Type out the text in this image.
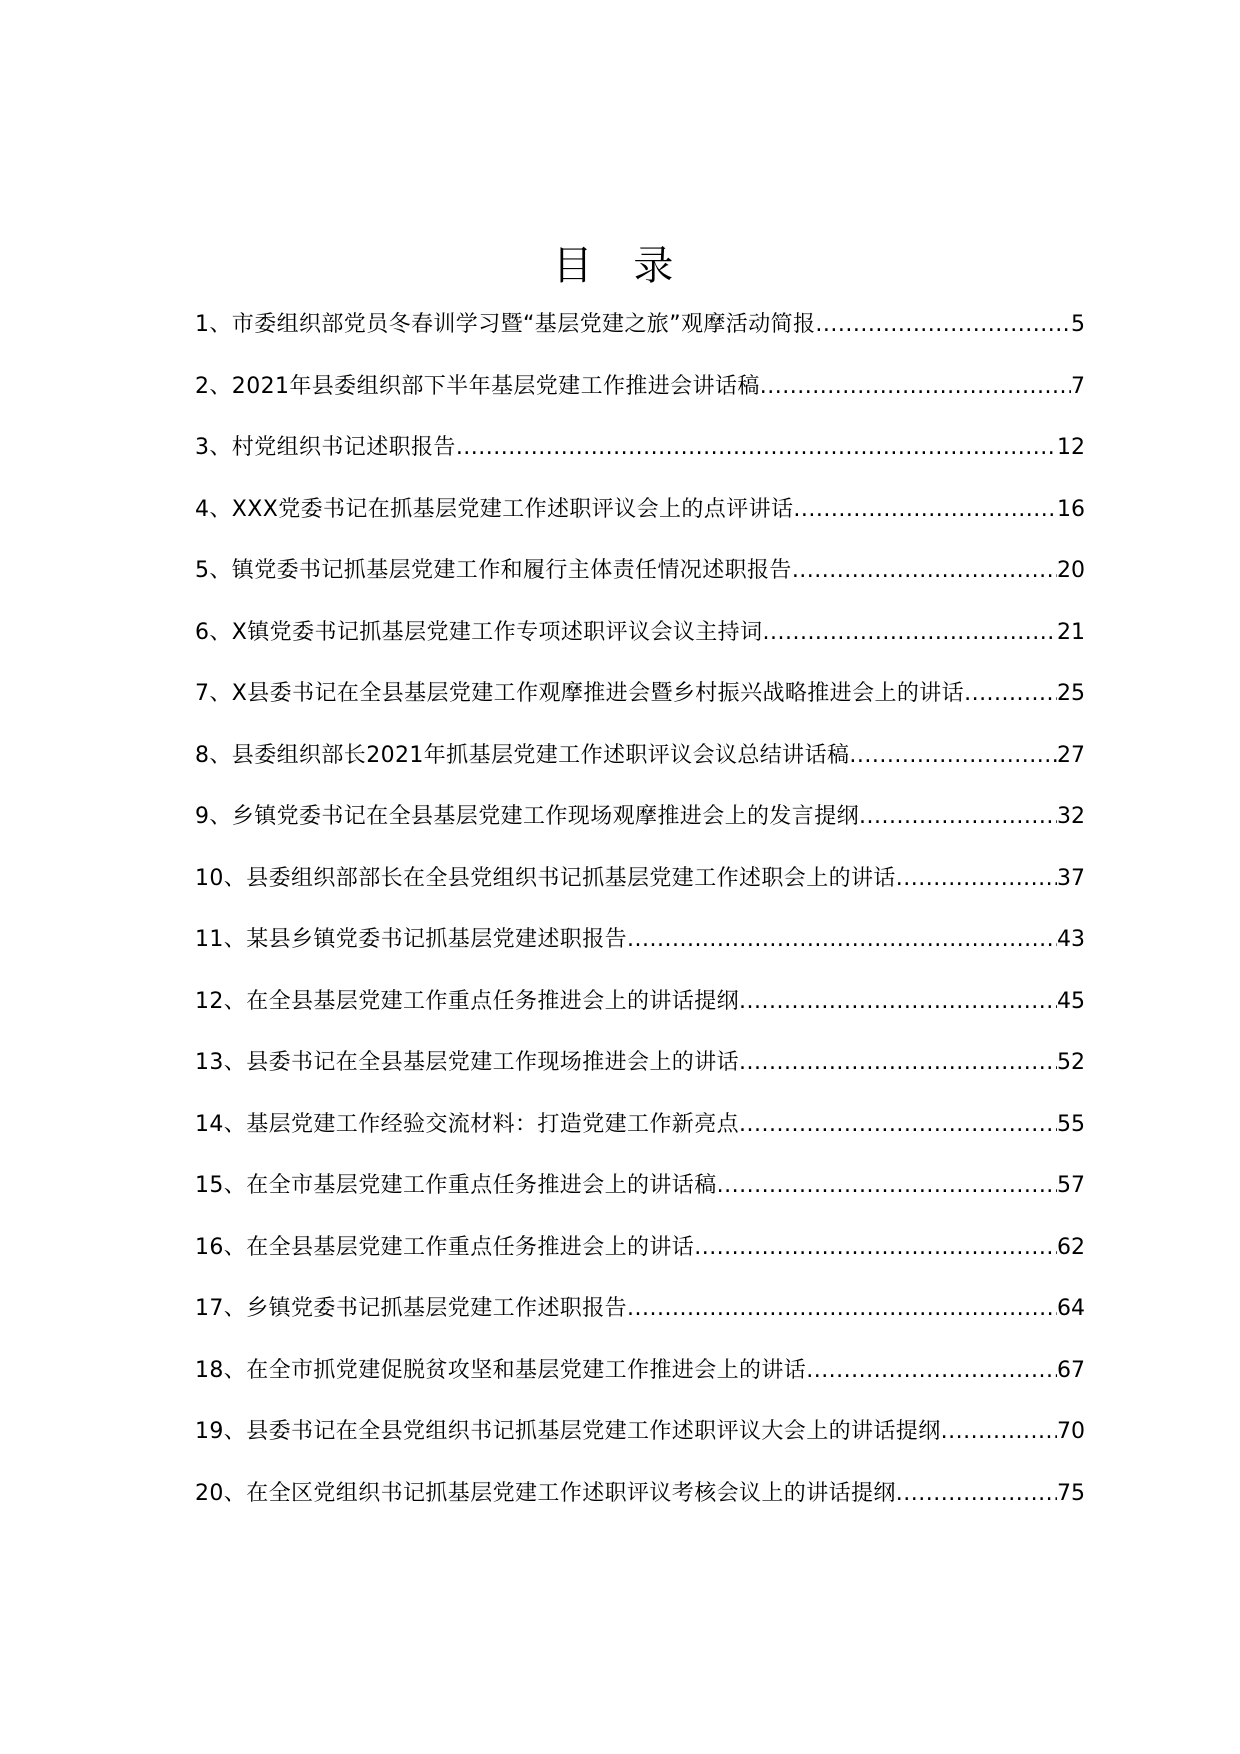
目 录
1、市委组织部党员冬春训学习暨“基层党建之旅”观摩活动简报 .....	5
2、2021年县委组织部下半年基层党建工作推进会讲话稿 .....	7
3、村党组织书记述职报告 .....	12
4、XXX党委书记在抓基层党建工作述职评议会上的点评讲话 .....	16
5、镇党委书记抓基层党建工作和履行主体责任情况述职报告 .....	20
6、X镇党委书记抓基层党建工作专项述职评议会议主持词 .....	21
7、X县委书记在全县基层党建工作观摩推进会暨乡村振兴战略推进会上的讲话 .....	25
8、县委组织部长2021年抓基层党建工作述职评议会议总结讲话稿 .....	27
9、乡镇党委书记在全县基层党建工作现场观摩推进会上的发言提纲 .....	32
10、县委组织部部长在全县党组织书记抓基层党建工作述职会上的讲话 .....	37
11、某县乡镇党委书记抓基层党建述职报告 .....	43
12、在全县基层党建工作重点任务推进会上的讲话提纲 .....	45
13、县委书记在全县基层党建工作现场推进会上的讲话 .....	52
14、基层党建工作经验交流材料：打造党建工作新亮点 .....	55
15、在全市基层党建工作重点任务推进会上的讲话稿 .....	57
16、在全县基层党建工作重点任务推进会上的讲话 .....	62
17、乡镇党委书记抓基层党建工作述职报告 .....	64
18、在全市抓党建促脱贫攻坚和基层党建工作推进会上的讲话 .....	67
19、县委书记在全县党组织书记抓基层党建工作述职评议大会上的讲话提纲 .....	70
20、在全区党组织书记抓基层党建工作述职评议考核会议上的讲话提纲 .....	75
